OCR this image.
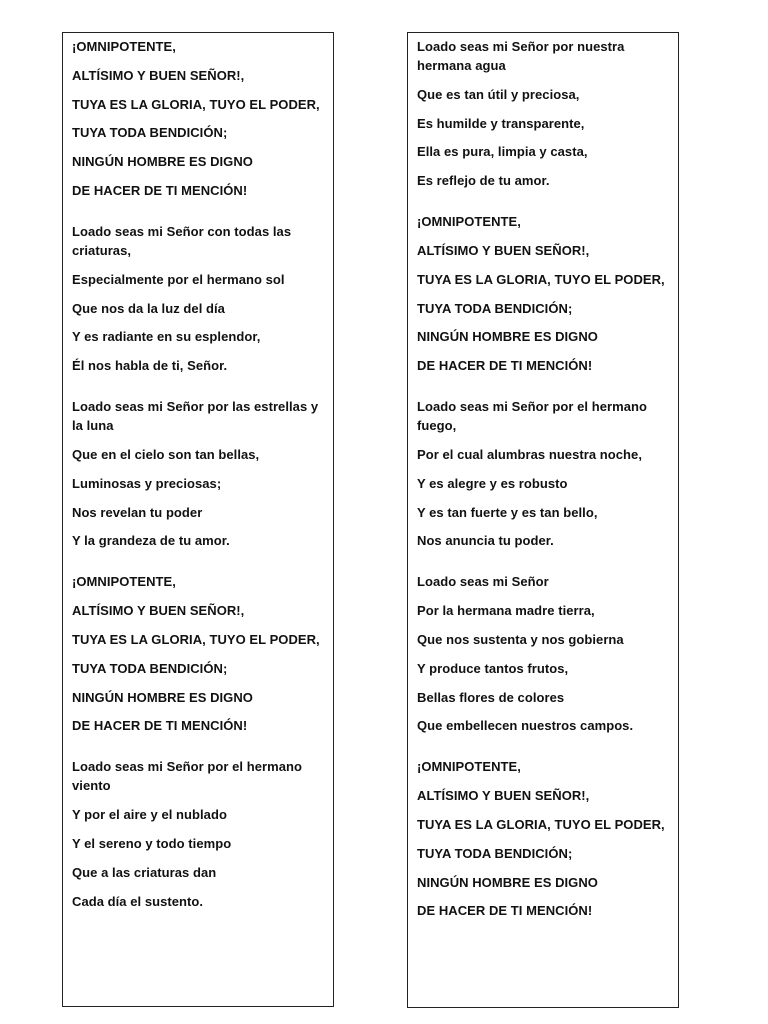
¡OMNIPOTENTE,

ALTÍSIMO Y BUEN SEÑOR!,

TUYA ES LA GLORIA, TUYO EL PODER,

TUYA TODA BENDICIÓN;

NINGÚN HOMBRE ES DIGNO

DE HACER DE TI MENCIÓN!

Loado seas mi Señor con todas las criaturas,

Especialmente por el hermano sol

Que nos da la luz del día

Y es radiante en su esplendor,

Él nos habla de ti, Señor.

Loado seas mi Señor por las estrellas y la luna

Que en el cielo son tan bellas,

Luminosas y preciosas;

Nos revelan tu poder

Y la grandeza de tu amor.

¡OMNIPOTENTE,

ALTÍSIMO Y BUEN SEÑOR!,

TUYA ES LA GLORIA, TUYO EL PODER,

TUYA TODA BENDICIÓN;

NINGÚN HOMBRE ES DIGNO

DE HACER DE TI MENCIÓN!

Loado seas mi Señor por el hermano viento

Y por el aire y el nublado

Y el sereno y todo tiempo

Que a las criaturas dan

Cada día el sustento.

Loado seas mi Señor por nuestra hermana agua

Que es tan útil y preciosa,

Es humilde y transparente,

Ella es pura, limpia y casta,

Es reflejo de tu amor.

¡OMNIPOTENTE,

ALTÍSIMO Y BUEN SEÑOR!,

TUYA ES LA GLORIA, TUYO EL PODER,

TUYA TODA BENDICIÓN;

NINGÚN HOMBRE ES DIGNO

DE HACER DE TI MENCIÓN!

Loado seas mi Señor por el hermano fuego,

Por el cual alumbras nuestra noche,

Y es alegre y es robusto

Y es tan fuerte y es tan bello,

Nos anuncia tu poder.

Loado seas mi Señor

Por la hermana madre tierra,

Que nos sustenta y nos gobierna

Y produce tantos frutos,

Bellas flores de colores

Que embellecen nuestros campos.

¡OMNIPOTENTE,

ALTÍSIMO Y BUEN SEÑOR!,

TUYA ES LA GLORIA, TUYO EL PODER,

TUYA TODA BENDICIÓN;

NINGÚN HOMBRE ES DIGNO

DE HACER DE TI MENCIÓN!
